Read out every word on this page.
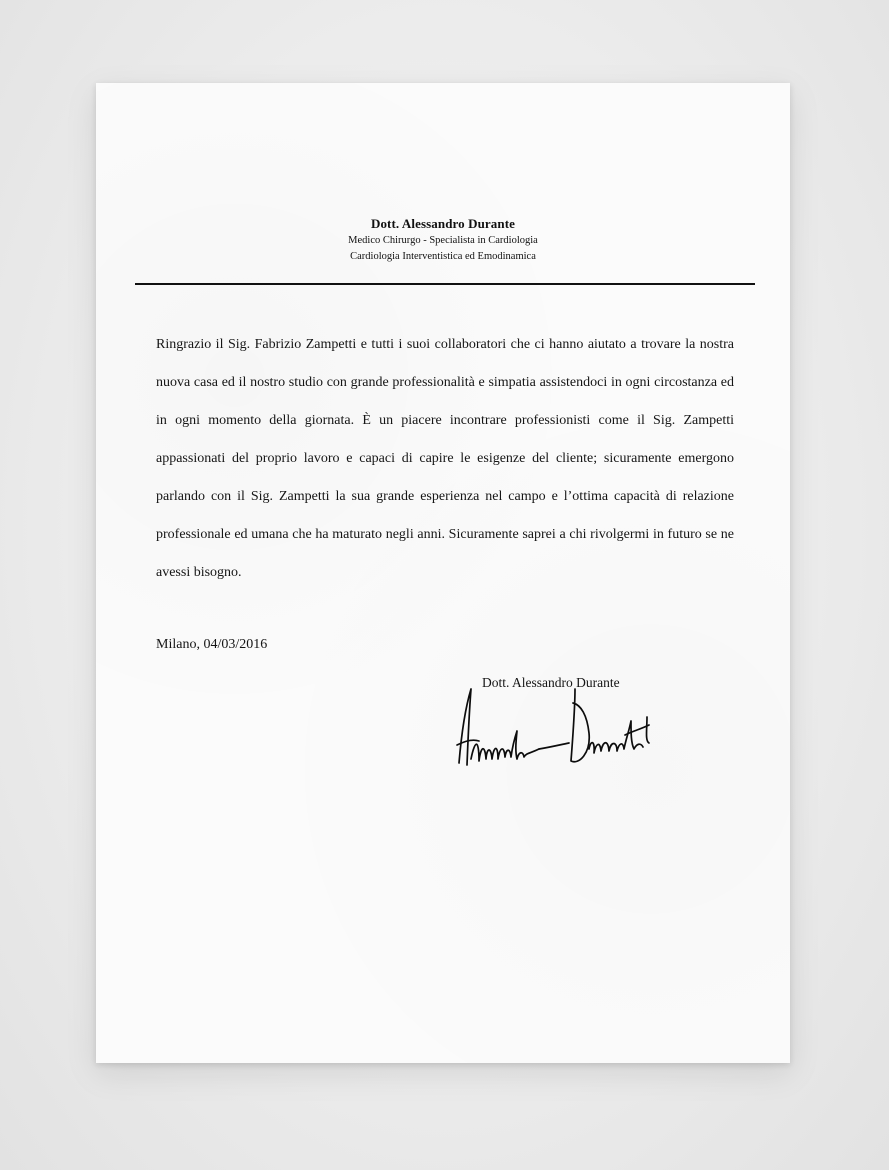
Dott. Alessandro Durante
Medico Chirurgo - Specialista in Cardiologia
Cardiologia Interventistica ed Emodinamica

Ringrazio il Sig. Fabrizio Zampetti e tutti i suoi collaboratori che ci hanno aiutato a trovare la nostra nuova casa ed il nostro studio con grande professionalità e simpatia assistendoci in ogni circostanza ed in ogni momento della giornata. È un piacere incontrare professionisti come il Sig. Zampetti appassionati del proprio lavoro e capaci di capire le esigenze del cliente; sicuramente emergono parlando con il Sig. Zampetti la sua grande esperienza nel campo e l’ottima capacità di relazione professionale ed umana che ha maturato negli anni. Sicuramente saprei a chi rivolgermi in futuro se ne avessi bisogno.

Milano, 04/03/2016
Dott. Alessandro Durante
